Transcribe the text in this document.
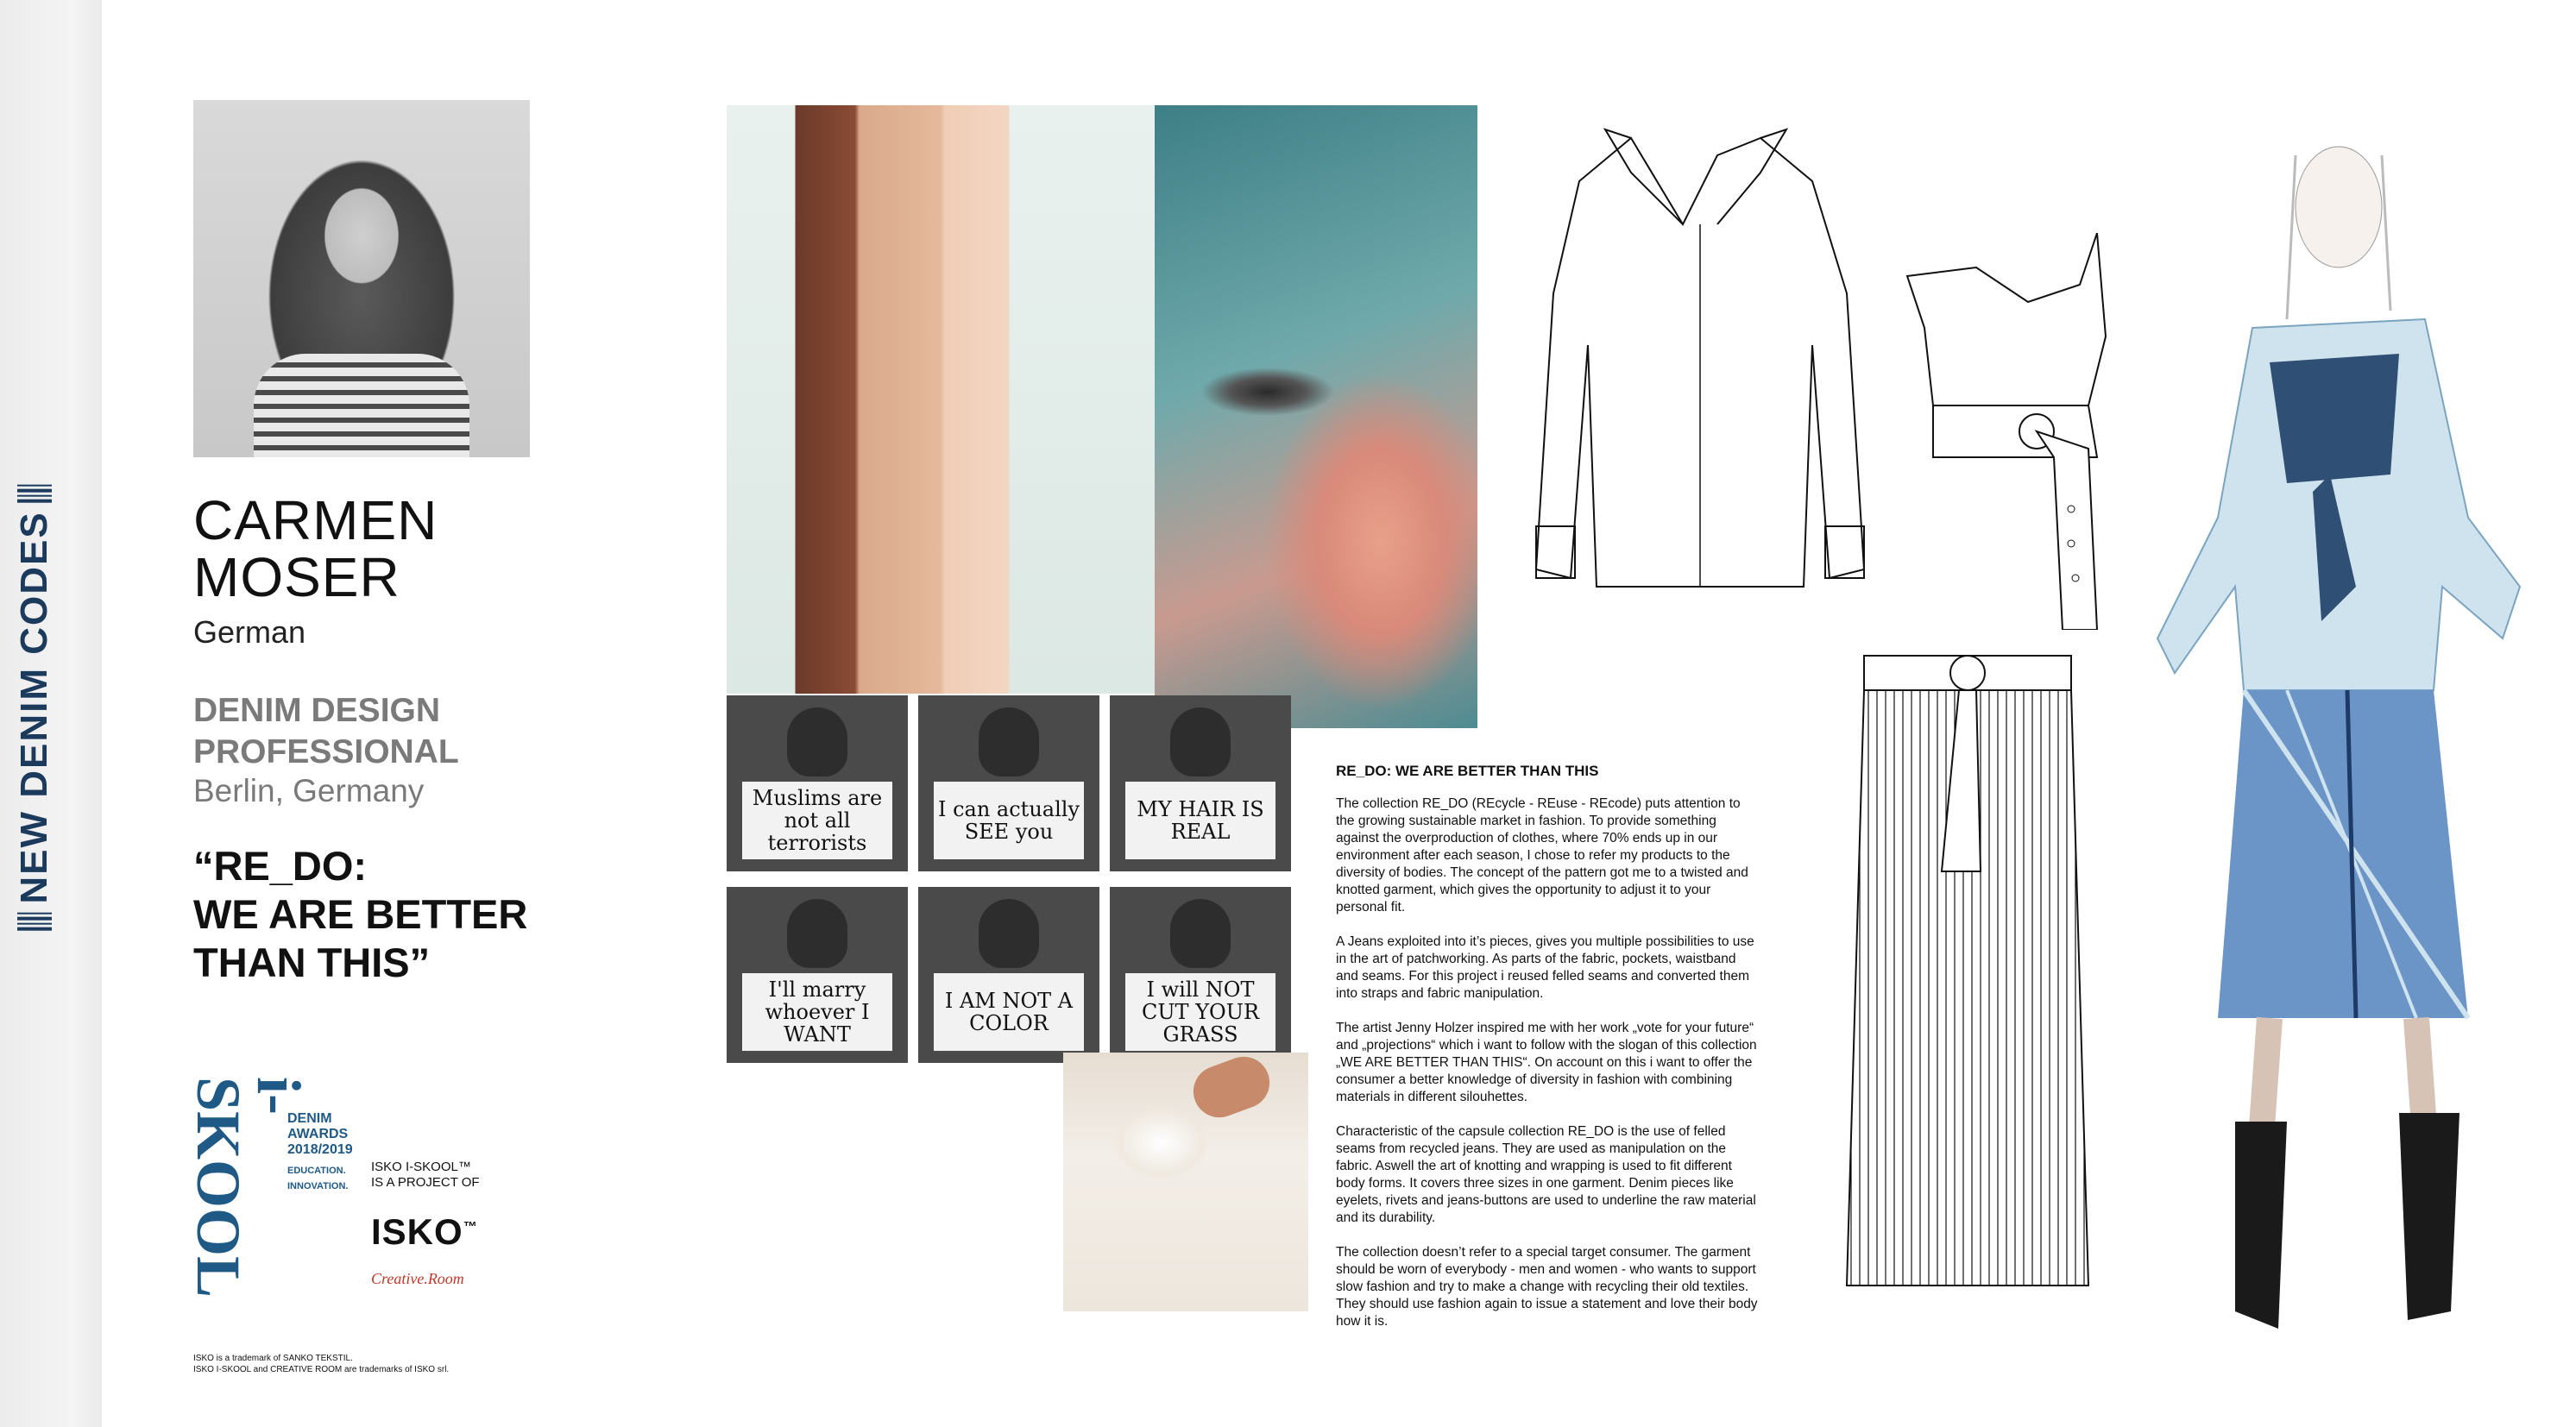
NEW DENIM CODES	CARMEN
MOSER
German
DENIM DESIGN
PROFESSIONAL
Berlin, Germany
“RE_DO:
WE ARE BETTER
THAN THIS”
i-SKOOL	DENIM
AWARDS
2018/2019
EDUCATION.
INNOVATION.
ISKO I-SKOOL™
IS A PROJECT OF
ISKO™
Creative.Room
ISKO is a trademark of SANKO TEKSTIL.
ISKO I-SKOOL and CREATIVE ROOM are trademarks of ISKO srl.
Muslims are not all terrorists
I can actually SEE you
MY HAIR IS REAL
I'll marry whoever I WANT
I AM NOT A COLOR
I will NOT CUT YOUR GRASS
RE_DO: WE ARE BETTER THAN THIS

The collection RE_DO (REcycle - REuse - REcode) puts attention to the growing sustainable market in fashion. To provide something against the overproduction of clothes, where 70% ends up in our environment after each season, I chose to refer my products to the diversity of bodies. The concept of the pattern got me to a twisted and knotted garment, which gives the opportunity to adjust it to your personal fit.

A Jeans exploited into it’s pieces, gives you multiple possibilities to use in the art of patchworking. As parts of the fabric, pockets, waistband and seams. For this project i reused felled seams and converted them into straps and fabric manipulation.

The artist Jenny Holzer inspired me with her work „vote for your future“ and „projections“ which i want to follow with the slogan of this collection „WE ARE BETTER THAN THIS“. On account on this i want to offer the consumer a better knowledge of diversity in fashion with combining materials in different silouhettes.

Characteristic of the capsule collection RE_DO is the use of felled seams from recycled jeans. They are used as manipulation on the fabric. Aswell the art of knotting and wrapping is used to fit different body forms. It covers three sizes in one garment. Denim pieces like eyelets, rivets and jeans-buttons are used to underline the raw material and its durability.

The collection doesn’t refer to a special target consumer. The garment should be worn of everybody - men and women - who wants to support slow fashion and try to make a change with recycling their old textiles. They should use fashion again to issue a statement and love their body how it is.
